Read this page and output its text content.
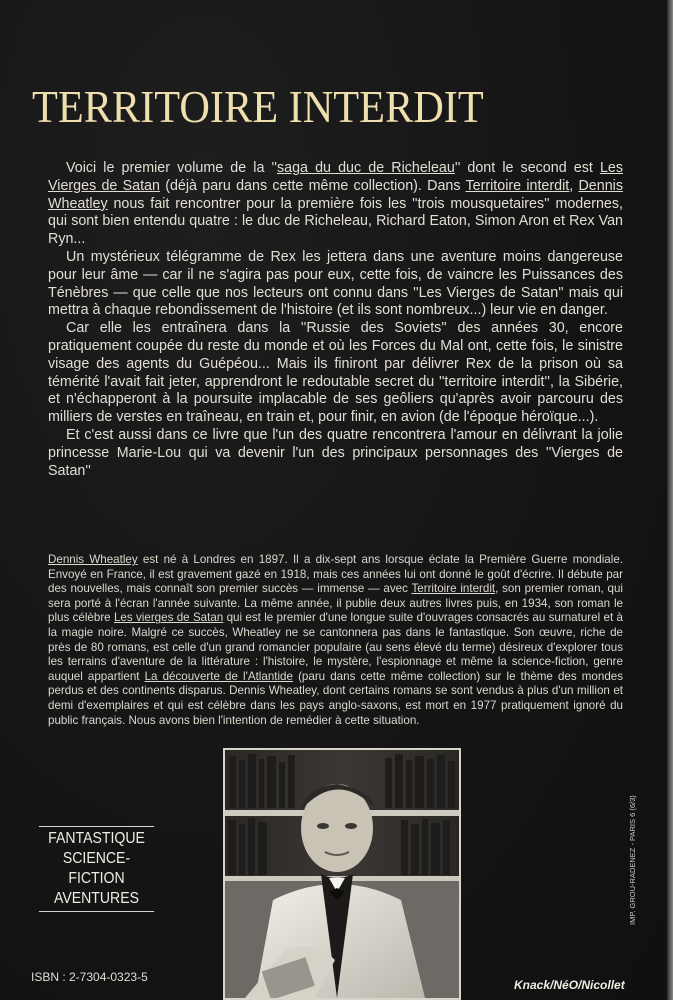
TERRITOIRE INTERDIT

Voici le premier volume de la ''saga du duc de Richeleau'' dont le second est Les Vierges de Satan (déjà paru dans cette même collection). Dans Territoire interdit, Dennis Wheatley nous fait rencontrer pour la première fois les ''trois mousquetaires'' modernes, qui sont bien entendu quatre : le duc de Richeleau, Richard Eaton, Simon Aron et Rex Van Ryn...

Un mystérieux télégramme de Rex les jettera dans une aventure moins dangereuse pour leur âme — car il ne s'agira pas pour eux, cette fois, de vaincre les Puissances des Ténèbres — que celle que nos lecteurs ont connu dans ''Les Vierges de Satan'' mais qui mettra à chaque rebondissement de l'histoire (et ils sont nombreux...) leur vie en danger.

Car elle les entraînera dans la ''Russie des Soviets'' des années 30, encore pratiquement coupée du reste du monde et où les Forces du Mal ont, cette fois, le sinistre visage des agents du Guépéou... Mais ils finiront par délivrer Rex de la prison où sa témérité l'avait fait jeter, apprendront le redoutable secret du ''territoire interdit'', la Sibérie, et n'échapperont à la poursuite implacable de ses geôliers qu'après avoir parcouru des milliers de verstes en traîneau, en train et, pour finir, en avion (de l'époque héroïque...).

Et c'est aussi dans ce livre que l'un des quatre rencontrera l'amour en délivrant la jolie princesse Marie-Lou qui va devenir l'un des principaux personnages des ''Vierges de Satan''

Dennis Wheatley est né à Londres en 1897. Il a dix-sept ans lorsque éclate la Première Guerre mondiale. Envoyé en France, il est gravement gazé en 1918, mais ces années lui ont donné le goût d'écrire. Il débute par des nouvelles, mais connaît son premier succès — immense — avec Territoire interdit, son premier roman, qui sera porté à l'écran l'année suivante. La même année, il publie deux autres livres puis, en 1934, son roman le plus célèbre Les vierges de Satan qui est le premier d'une longue suite d'ouvrages consacrés au surnaturel et à la magie noire. Malgré ce succès, Wheatley ne se cantonnera pas dans le fantastique. Son œuvre, riche de près de 80 romans, est celle d'un grand romancier populaire (au sens élevé du terme) désireux d'explorer tous les terrains d'aventure de la littérature : l'histoire, le mystère, l'espionnage et même la science-fiction, genre auquel appartient La découverte de l'Atlantide (paru dans cette même collection) sur le thème des mondes perdus et des continents disparus. Dennis Wheatley, dont certains romans se sont vendus à plus d'un million et demi d'exemplaires et qui est célèbre dans les pays anglo-saxons, est mort en 1977 pratiquement ignoré du public français. Nous avons bien l'intention de remédier à cette situation.
FANTASTIQUE
SCIENCE-FICTION
AVENTURES
ISBN : 2-7304-0323-5
Knack/NéO/Nicollet
IMP. GROU-RADENEZ - PARIS 6 (6/3)
